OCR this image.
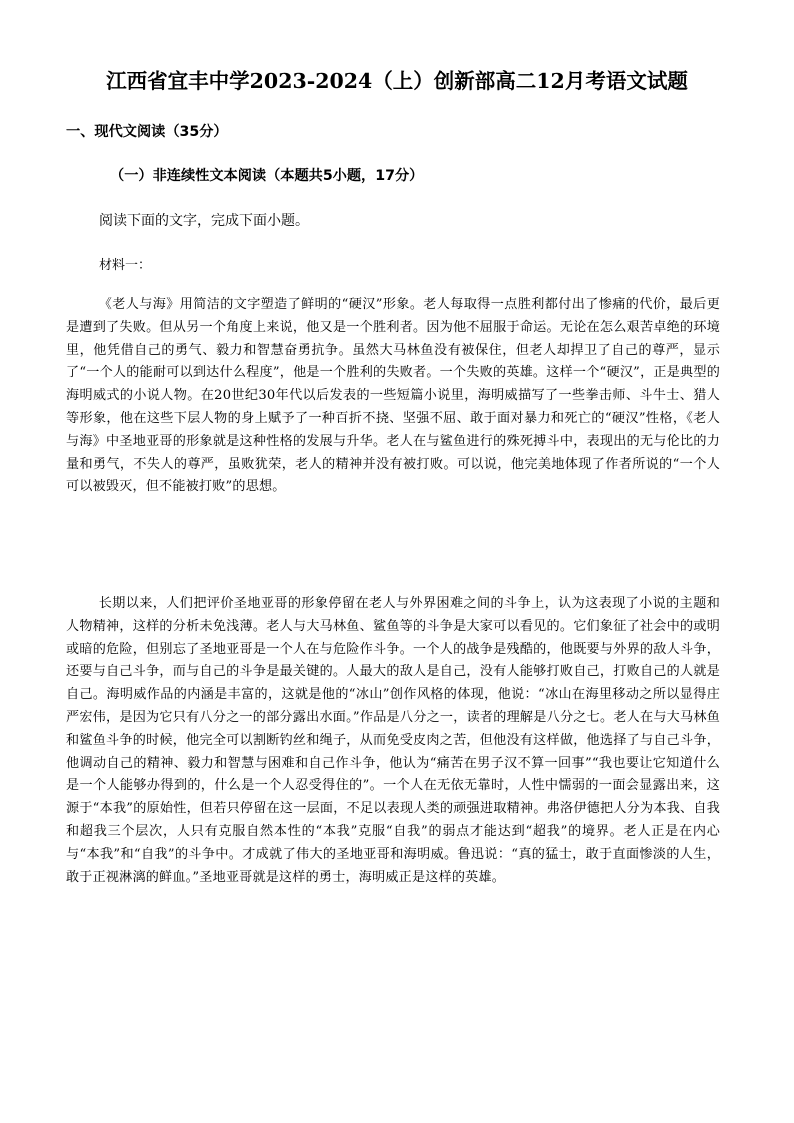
江西省宜丰中学2023-2024（上）创新部高二12月考语文试题
一、现代文阅读（35分）
（一）非连续性文本阅读（本题共5小题，17分）
阅读下面的文字，完成下面小题。
材料一：

《老人与海》用简洁的文字塑造了鲜明的“硬汉”形象。老人每取得一点胜利都付出了惨痛的代价，最后更是遭到了失败。但从另一个角度上来说，他又是一个胜利者。因为他不屈服于命运。无论在怎么艰苦卓绝的环境里，他凭借自己的勇气、毅力和智慧奋勇抗争。虽然大马林鱼没有被保住，但老人却捍卫了自己的尊严，显示了“一个人的能耐可以到达什么程度”，他是一个胜利的失败者。一个失败的英雄。这样一个“硬汉”，正是典型的海明威式的小说人物。在20世纪30年代以后发表的一些短篇小说里，海明威描写了一些拳击师、斗牛士、猎人等形象，他在这些下层人物的身上赋予了一种百折不挠、坚强不屈、敢于面对暴力和死亡的“硬汉”性格，《老人与海》中圣地亚哥的形象就是这种性格的发展与升华。老人在与鲨鱼进行的殊死搏斗中，表现出的无与伦比的力量和勇气，不失人的尊严，虽败犹荣，老人的精神并没有被打败。可以说，他完美地体现了作者所说的“一个人可以被毁灭，但不能被打败”的思想。

长期以来，人们把评价圣地亚哥的形象停留在老人与外界困难之间的斗争上，认为这表现了小说的主题和人物精神，这样的分析未免浅薄。老人与大马林鱼、鲨鱼等的斗争是大家可以看见的。它们象征了社会中的或明或暗的危险，但别忘了圣地亚哥是一个人在与危险作斗争。一个人的战争是残酷的，他既要与外界的敌人斗争，还要与自己斗争，而与自己的斗争是最关键的。人最大的敌人是自己，没有人能够打败自己，打败自己的人就是自己。海明威作品的内涵是丰富的，这就是他的“冰山”创作风格的体现，他说：“冰山在海里移动之所以显得庄严宏伟，是因为它只有八分之一的部分露出水面。”作品是八分之一，读者的理解是八分之七。老人在与大马林鱼和鲨鱼斗争的时候，他完全可以割断钓丝和绳子，从而免受皮肉之苦，但他没有这样做，他选择了与自己斗争，他调动自己的精神、毅力和智慧与困难和自己作斗争，他认为“痛苦在男子汉不算一回事”“我也要让它知道什么是一个人能够办得到的，什么是一个人忍受得住的”。一个人在无依无靠时，人性中懦弱的一面会显露出来，这源于“本我”的原始性，但若只停留在这一层面，不足以表现人类的顽强进取精神。弗洛伊德把人分为本我、自我和超我三个层次，人只有克服自然本性的“本我”克服“自我”的弱点才能达到“超我”的境界。老人正是在内心与“本我”和“自我”的斗争中。才成就了伟大的圣地亚哥和海明威。鲁迅说：“真的猛士，敢于直面惨淡的人生，敢于正视淋漓的鲜血。”圣地亚哥就是这样的勇士，海明威正是这样的英雄。
